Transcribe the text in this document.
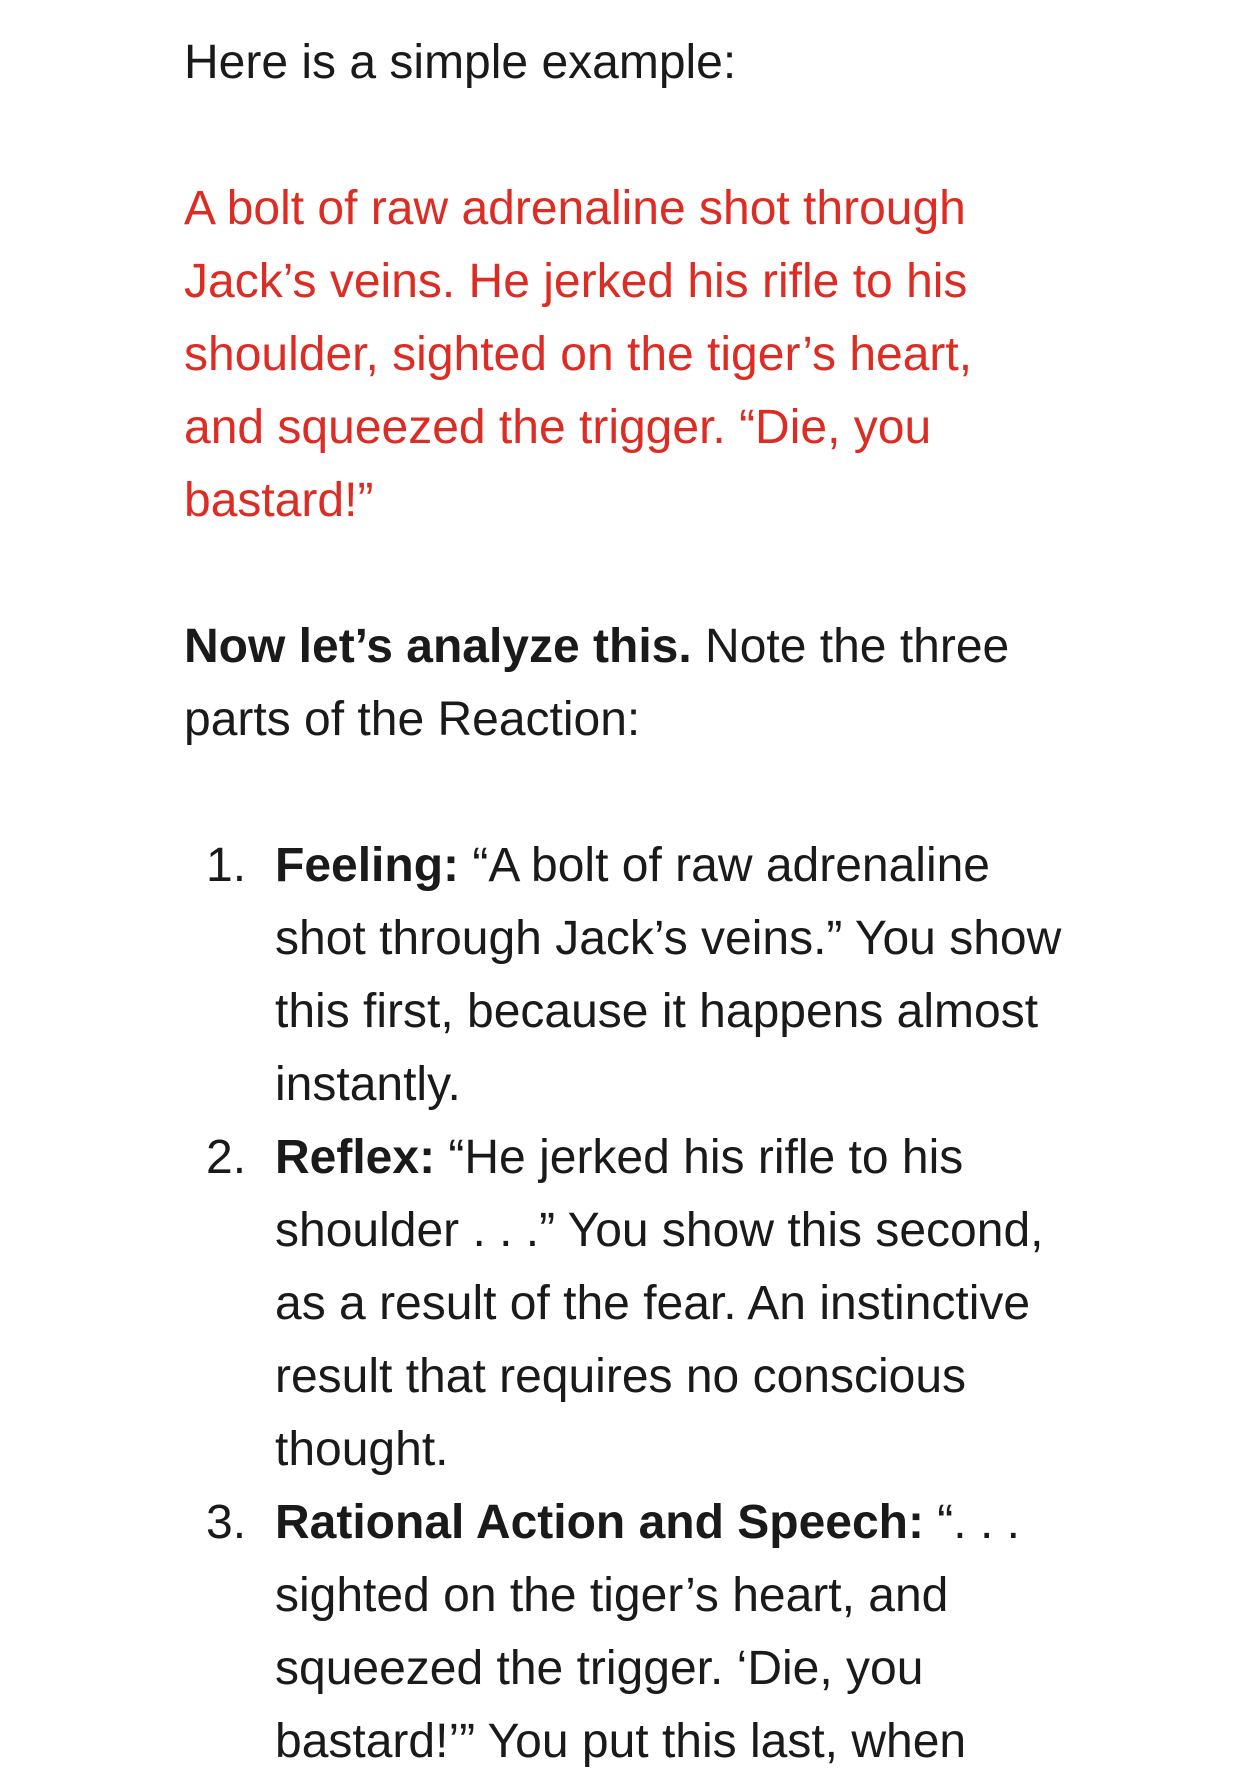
Here is a simple example:

A bolt of raw adrenaline shot through Jack’s veins. He jerked his rifle to his shoulder, sighted on the tiger’s heart, and squeezed the trigger. “Die, you bastard!”

Now let’s analyze this. Note the three parts of the Reaction:

1. Feeling: “A bolt of raw adrenaline shot through Jack’s veins.” You show this first, because it happens almost instantly.
2. Reflex: “He jerked his rifle to his shoulder . . .” You show this second, as a result of the fear. An instinctive result that requires no conscious thought.
3. Rational Action and Speech: “. . . sighted on the tiger’s heart, and squeezed the trigger. ‘Die, you bastard!’” You put this last, when
